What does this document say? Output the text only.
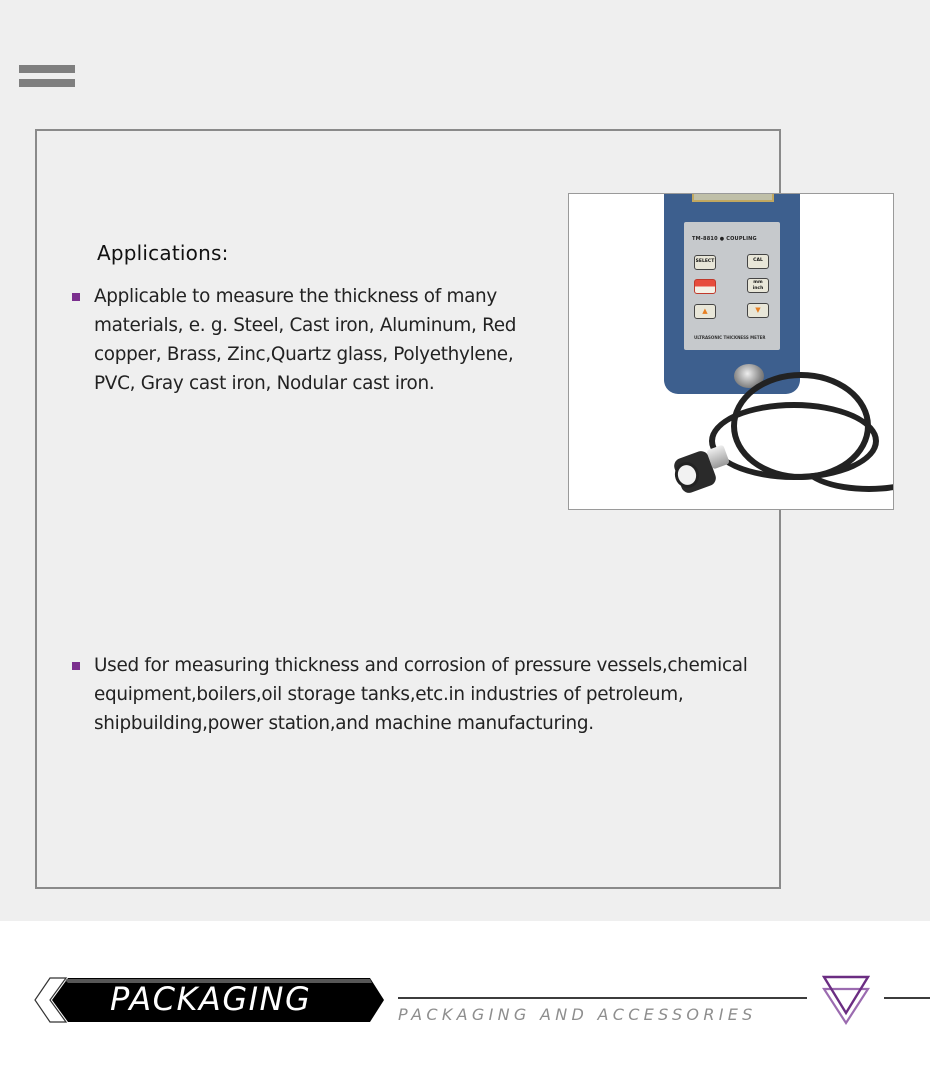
Applications:
Applicable to measure the thickness of many materials, e. g. Steel, Cast iron, Aluminum, Red copper, Brass, Zinc,Quartz glass, Polyethylene, PVC, Gray cast iron, Nodular cast iron.
Used for measuring thickness and corrosion of pressure vessels,chemical equipment,boilers,oil storage tanks,etc.in industries of petroleum, shipbuilding,power station,and machine manufacturing.
TM-8810 ● COUPLING
SELECT	CAL
mm inch
▲	▼
ULTRASONIC THICKNESS METER
PACKAGING	PACKAGING AND ACCESSORIES
